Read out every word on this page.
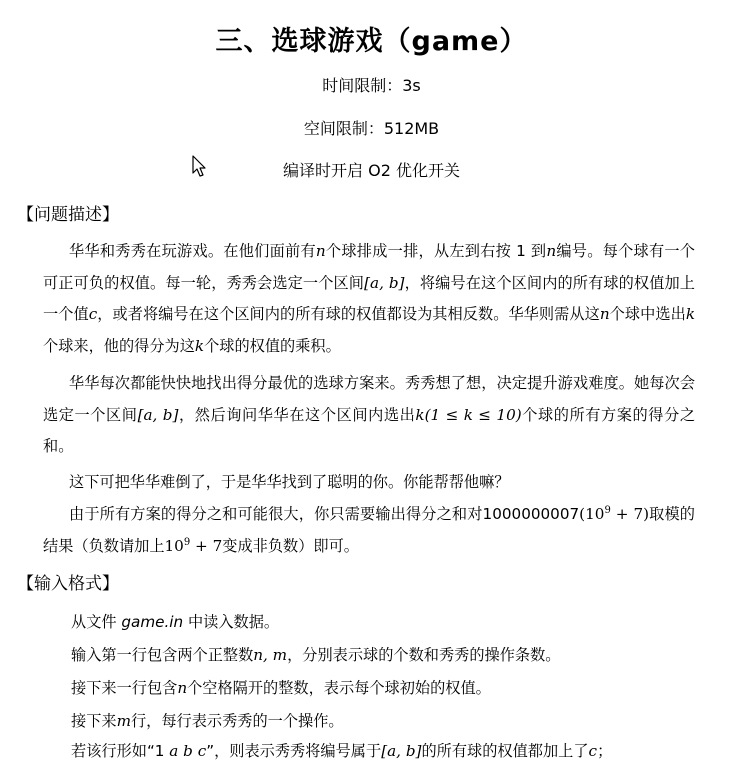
三、选球游戏（game）
时间限制：3s
空间限制：512MB
编译时开启 O2 优化开关
【问题描述】

华华和秀秀在玩游戏。在他们面前有n个球排成一排，从左到右按 1 到n编号。每个球有一个可正可负的权值。每一轮，秀秀会选定一个区间[a, b]，将编号在这个区间内的所有球的权值加上一个值c，或者将编号在这个区间内的所有球的权值都设为其相反数。华华则需从这n个球中选出k个球来，他的得分为这k个球的权值的乘积。

华华每次都能快快地找出得分最优的选球方案来。秀秀想了想，决定提升游戏难度。她每次会选定一个区间[a, b]，然后询问华华在这个区间内选出k(1 ≤ k ≤ 10)个球的所有方案的得分之和。

这下可把华华难倒了，于是华华找到了聪明的你。你能帮帮他嘛？

由于所有方案的得分之和可能很大，你只需要输出得分之和对$1000000007(10^9 + 7)$取模的结果（负数请加上$10^9 + 7$变成非负数）即可。

【输入格式】
从文件 game.in 中读入数据。
输入第一行包含两个正整数n, m，分别表示球的个数和秀秀的操作条数。
接下来一行包含n个空格隔开的整数，表示每个球初始的权值。
接下来m行，每行表示秀秀的一个操作。
若该行形如“1 a b c”，则表示秀秀将编号属于[a, b]的所有球的权值都加上了c；
